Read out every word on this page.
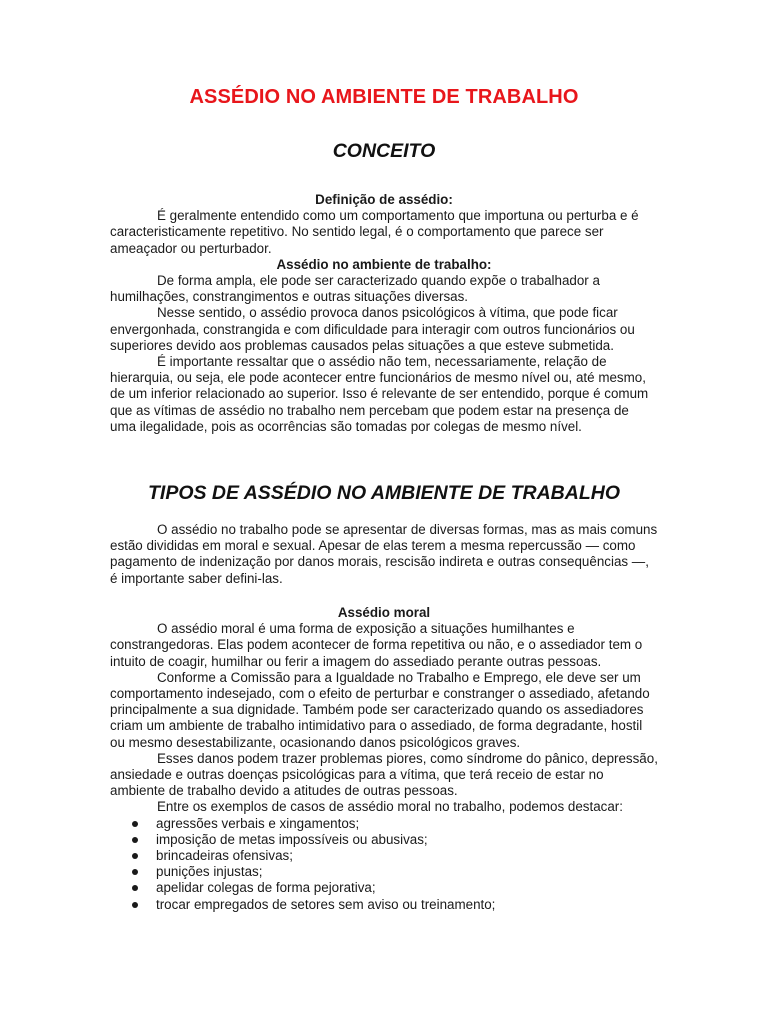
ASSÉDIO NO AMBIENTE DE TRABALHO
CONCEITO
Definição de assédio:

É geralmente entendido como um comportamento que importuna ou perturba e é caracteristicamente repetitivo. No sentido legal, é o comportamento que parece ser ameaçador ou perturbador.

Assédio no ambiente de trabalho:

De forma ampla, ele pode ser caracterizado quando expõe o trabalhador a humilhações, constrangimentos e outras situações diversas.

Nesse sentido, o assédio provoca danos psicológicos à vítima, que pode ficar envergonhada, constrangida e com dificuldade para interagir com outros funcionários ou superiores devido aos problemas causados pelas situações a que esteve submetida.

É importante ressaltar que o assédio não tem, necessariamente, relação de hierarquia, ou seja, ele pode acontecer entre funcionários de mesmo nível ou, até mesmo, de um inferior relacionado ao superior. Isso é relevante de ser entendido, porque é comum que as vítimas de assédio no trabalho nem percebam que podem estar na presença de uma ilegalidade, pois as ocorrências são tomadas por colegas de mesmo nível.

TIPOS DE ASSÉDIO NO AMBIENTE DE TRABALHO

O assédio no trabalho pode se apresentar de diversas formas, mas as mais comuns estão divididas em moral e sexual. Apesar de elas terem a mesma repercussão — como pagamento de indenização por danos morais, rescisão indireta e outras consequências —, é importante saber defini-las.

Assédio moral

O assédio moral é uma forma de exposição a situações humilhantes e constrangedoras. Elas podem acontecer de forma repetitiva ou não, e o assediador tem o intuito de coagir, humilhar ou ferir a imagem do assediado perante outras pessoas.

Conforme a Comissão para a Igualdade no Trabalho e Emprego, ele deve ser um comportamento indesejado, com o efeito de perturbar e constranger o assediado, afetando principalmente a sua dignidade. Também pode ser caracterizado quando os assediadores criam um ambiente de trabalho intimidativo para o assediado, de forma degradante, hostil ou mesmo desestabilizante, ocasionando danos psicológicos graves.

Esses danos podem trazer problemas piores, como síndrome do pânico, depressão, ansiedade e outras doenças psicológicas para a vítima, que terá receio de estar no ambiente de trabalho devido a atitudes de outras pessoas.

Entre os exemplos de casos de assédio moral no trabalho, podemos destacar:

agressões verbais e xingamentos;
imposição de metas impossíveis ou abusivas;
brincadeiras ofensivas;
punições injustas;
apelidar colegas de forma pejorativa;
trocar empregados de setores sem aviso ou treinamento;
